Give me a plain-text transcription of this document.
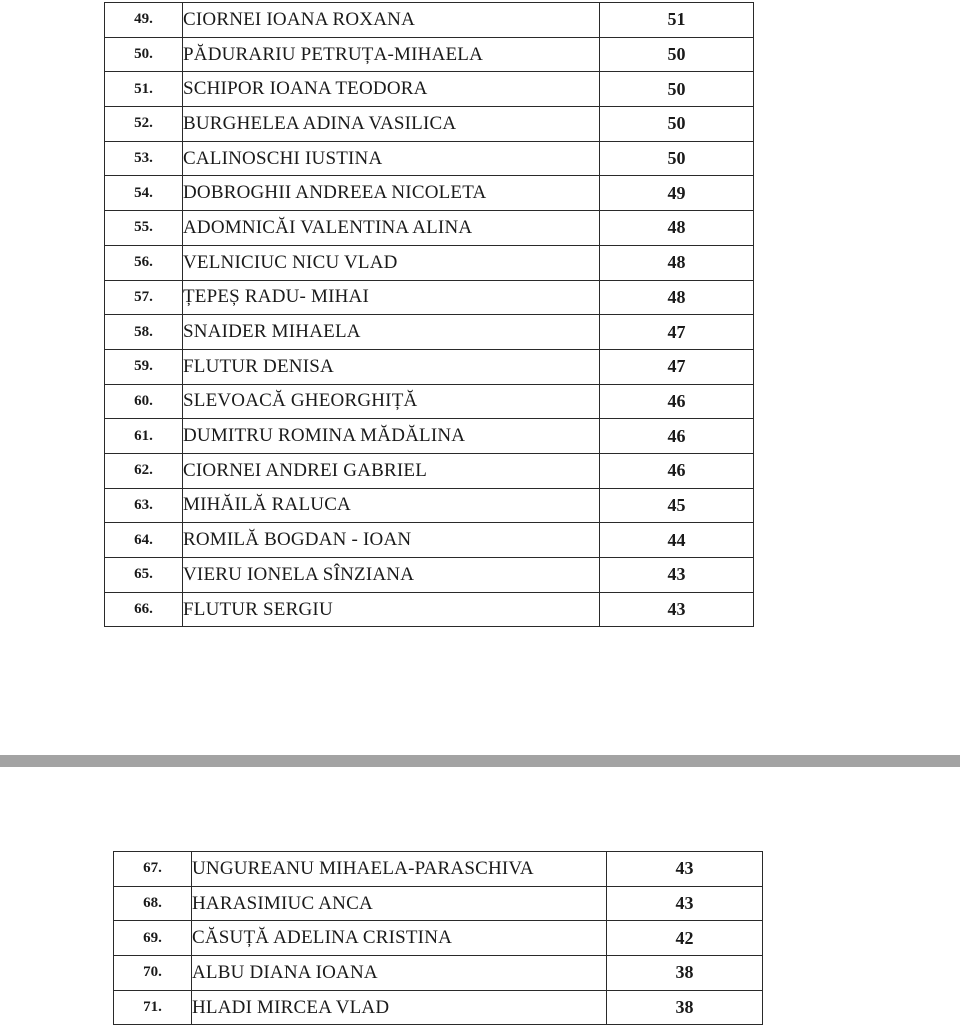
49.	CIORNEI IOANA ROXANA	51
50.	PĂDURARIU PETRUȚA-MIHAELA	50
51.	SCHIPOR IOANA TEODORA	50
52.	BURGHELEA ADINA VASILICA	50
53.	CALINOSCHI IUSTINA	50
54.	DOBROGHII ANDREEA NICOLETA	49
55.	ADOMNICĂI VALENTINA ALINA	48
56.	VELNICIUC NICU VLAD	48
57.	ȚEPEȘ RADU- MIHAI	48
58.	SNAIDER MIHAELA	47
59.	FLUTUR DENISA	47
60.	SLEVOACĂ GHEORGHIȚĂ	46
61.	DUMITRU ROMINA MĂDĂLINA	46
62.	CIORNEI ANDREI GABRIEL	46
63.	MIHĂILĂ RALUCA	45
64.	ROMILĂ BOGDAN - IOAN	44
65.	VIERU IONELA SÎNZIANA	43
66.	FLUTUR SERGIU	43
67.	UNGUREANU MIHAELA-PARASCHIVA	43
68.	HARASIMIUC ANCA	43
69.	CĂSUȚĂ ADELINA CRISTINA	42
70.	ALBU DIANA IOANA	38
71.	HLADI MIRCEA VLAD	38
